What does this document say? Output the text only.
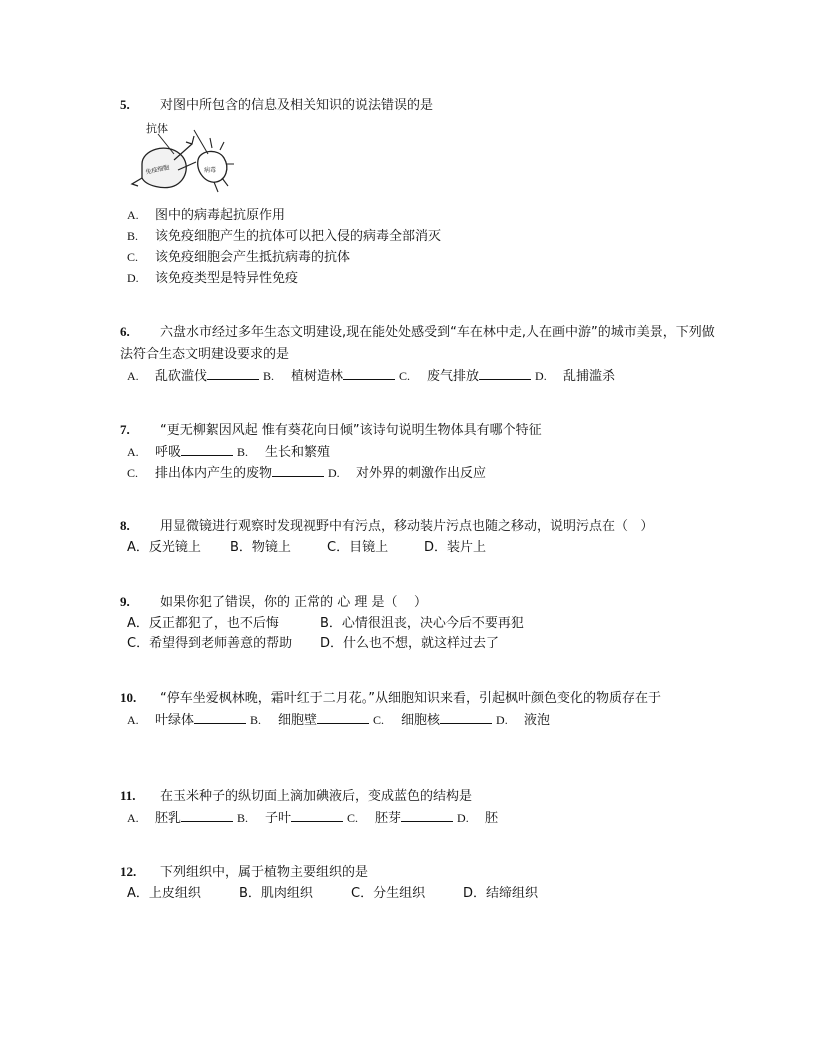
5. 对图中所包含的信息及相关知识的说法错误的是
抗体
免疫细胞	病毒
A. 图中的病毒起抗原作用
B. 该免疫细胞产生的抗体可以把入侵的病毒全部消灭
C. 该免疫细胞会产生抵抗病毒的抗体
D. 该免疫类型是特异性免疫
6. 六盘水市经过多年生态文明建设,现在能处处感受到“车在林中走,人在画中游”的城市美景，下列做法符合生态文明建设要求的是
A. 乱砍滥伐	B. 植树造林	C. 废气排放	D. 乱捕滥杀
7. “更无柳絮因风起 惟有葵花向日倾”该诗句说明生物体具有哪个特征
A. 呼吸	B. 生长和繁殖
C. 排出体内产生的废物	D. 对外界的刺激作出反应
8. 用显微镜进行观察时发现视野中有污点，移动装片污点也随之移动，说明污点在（   ）
A．反光镜上 B．物镜上	C．目镜上	D．装片上
9. 如果你犯了错误，你的 正常的 心 理 是（    ）
A．反正都犯了，也不后悔	B．心情很沮丧，决心今后不要再犯
C．希望得到老师善意的帮助 D．什么也不想，就这样过去了
10. “停车坐爱枫林晚，霜叶红于二月花。”从细胞知识来看，引起枫叶颜色变化的物质存在于
A. 叶绿体	B. 细胞壁	C. 细胞核	D. 液泡
11. 在玉米种子的纵切面上滴加碘液后，变成蓝色的结构是
A. 胚乳	B. 子叶	C. 胚芽	D. 胚
12. 下列组织中，属于植物主要组织的是
A．上皮组织	B．肌肉组织	C．分生组织	D．结缔组织
